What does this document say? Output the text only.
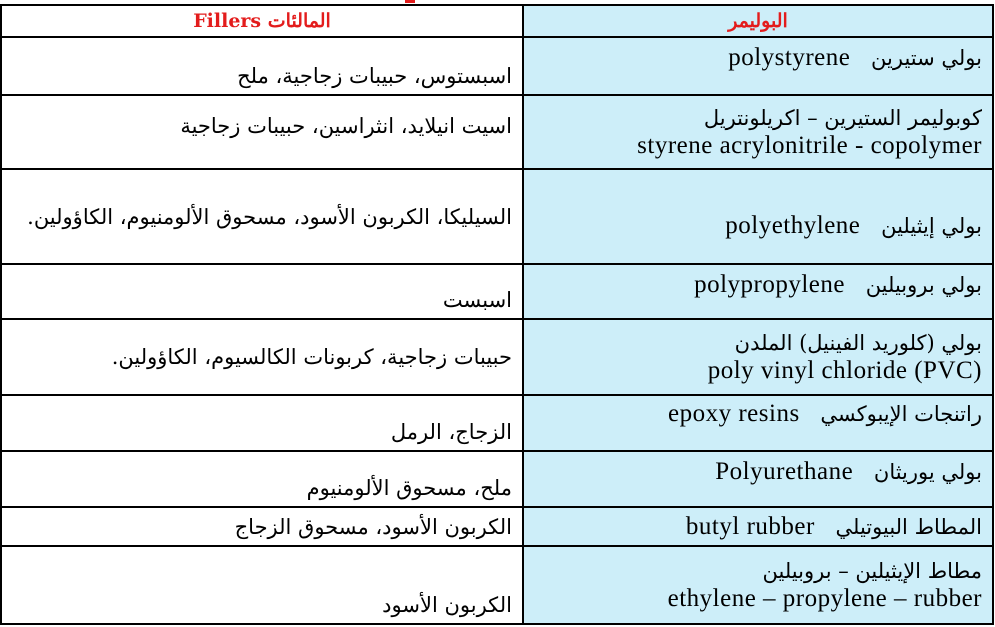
المالئات Fillers	البوليمر
اسبستوس، حبيبات زجاجية، ملح	بولي ستيرين polystyrene
اسيت انيلايد، انثراسين، حبيبات زجاجية	كوبوليمر الستيرين – اكريلونتريل
styrene acrylonitrile - copolymer

السيليكا، الكربون الأسود، مسحوق الألومنيوم، الكاؤولين.	بولي إيثيلين polyethylene
اسبست	بولي بروبيلين polypropylene
حبيبات زجاجية، كربونات الكالسيوم، الكاؤولين.	بولي (كلوريد الفينيل) الملدن
poly vinyl chloride (PVC)

الزجاج، الرمل	راتنجات الإيبوكسي epoxy resins
ملح، مسحوق الألومنيوم	بولي يوريثان Polyurethane
الكربون الأسود، مسحوق الزجاج	المطاط البيوتيلي butyl rubber
الكربون الأسود	مطاط الإيثيلين – بروبيلين
ethylene – propylene – rubber
